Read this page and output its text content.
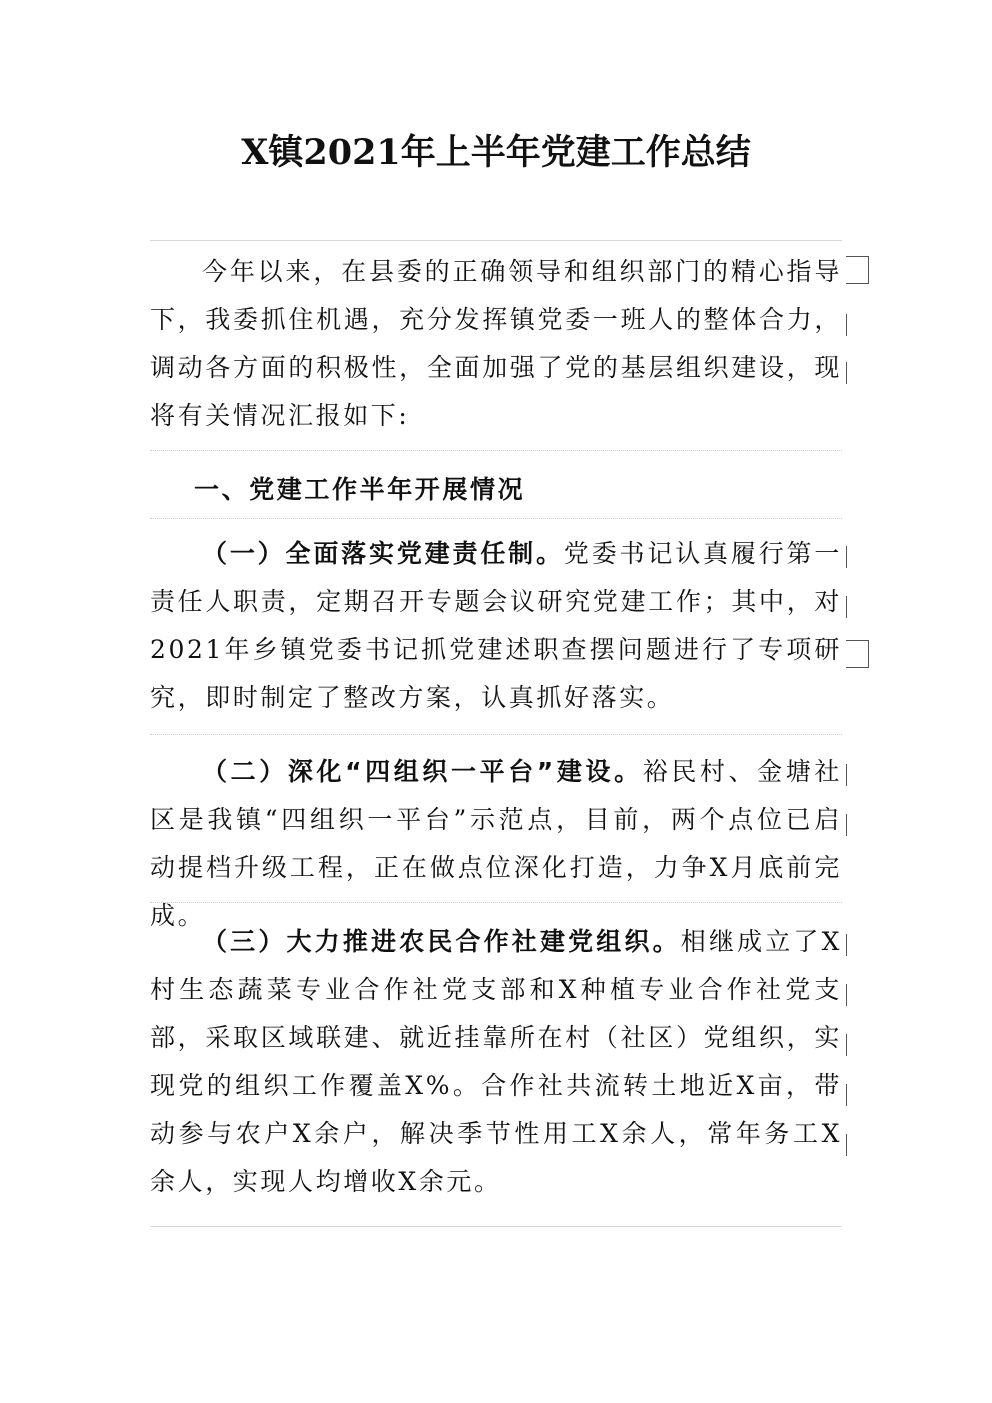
X镇2021年上半年党建工作总结

今年以来，在县委的正确领导和组织部门的精心指导下，我委抓住机遇，充分发挥镇党委一班人的整体合力，调动各方面的积极性，全面加强了党的基层组织建设，现将有关情况汇报如下:

一、党建工作半年开展情况

（一）全面落实党建责任制。党委书记认真履行第一责任人职责，定期召开专题会议研究党建工作；其中，对2021年乡镇党委书记抓党建述职查摆问题进行了专项研究，即时制定了整改方案，认真抓好落实。

（二）深化“四组织一平台”建设。裕民村、金塘社区是我镇“四组织一平台”示范点，目前，两个点位已启动提档升级工程，正在做点位深化打造，力争X月底前完成。

（三）大力推进农民合作社建党组织。相继成立了X村生态蔬菜专业合作社党支部和X种植专业合作社党支部，采取区域联建、就近挂靠所在村（社区）党组织，实现党的组织工作覆盖X%。合作社共流转土地近X亩，带动参与农户X余户，解决季节性用工X余人，常年务工X余人，实现人均增收X余元。
